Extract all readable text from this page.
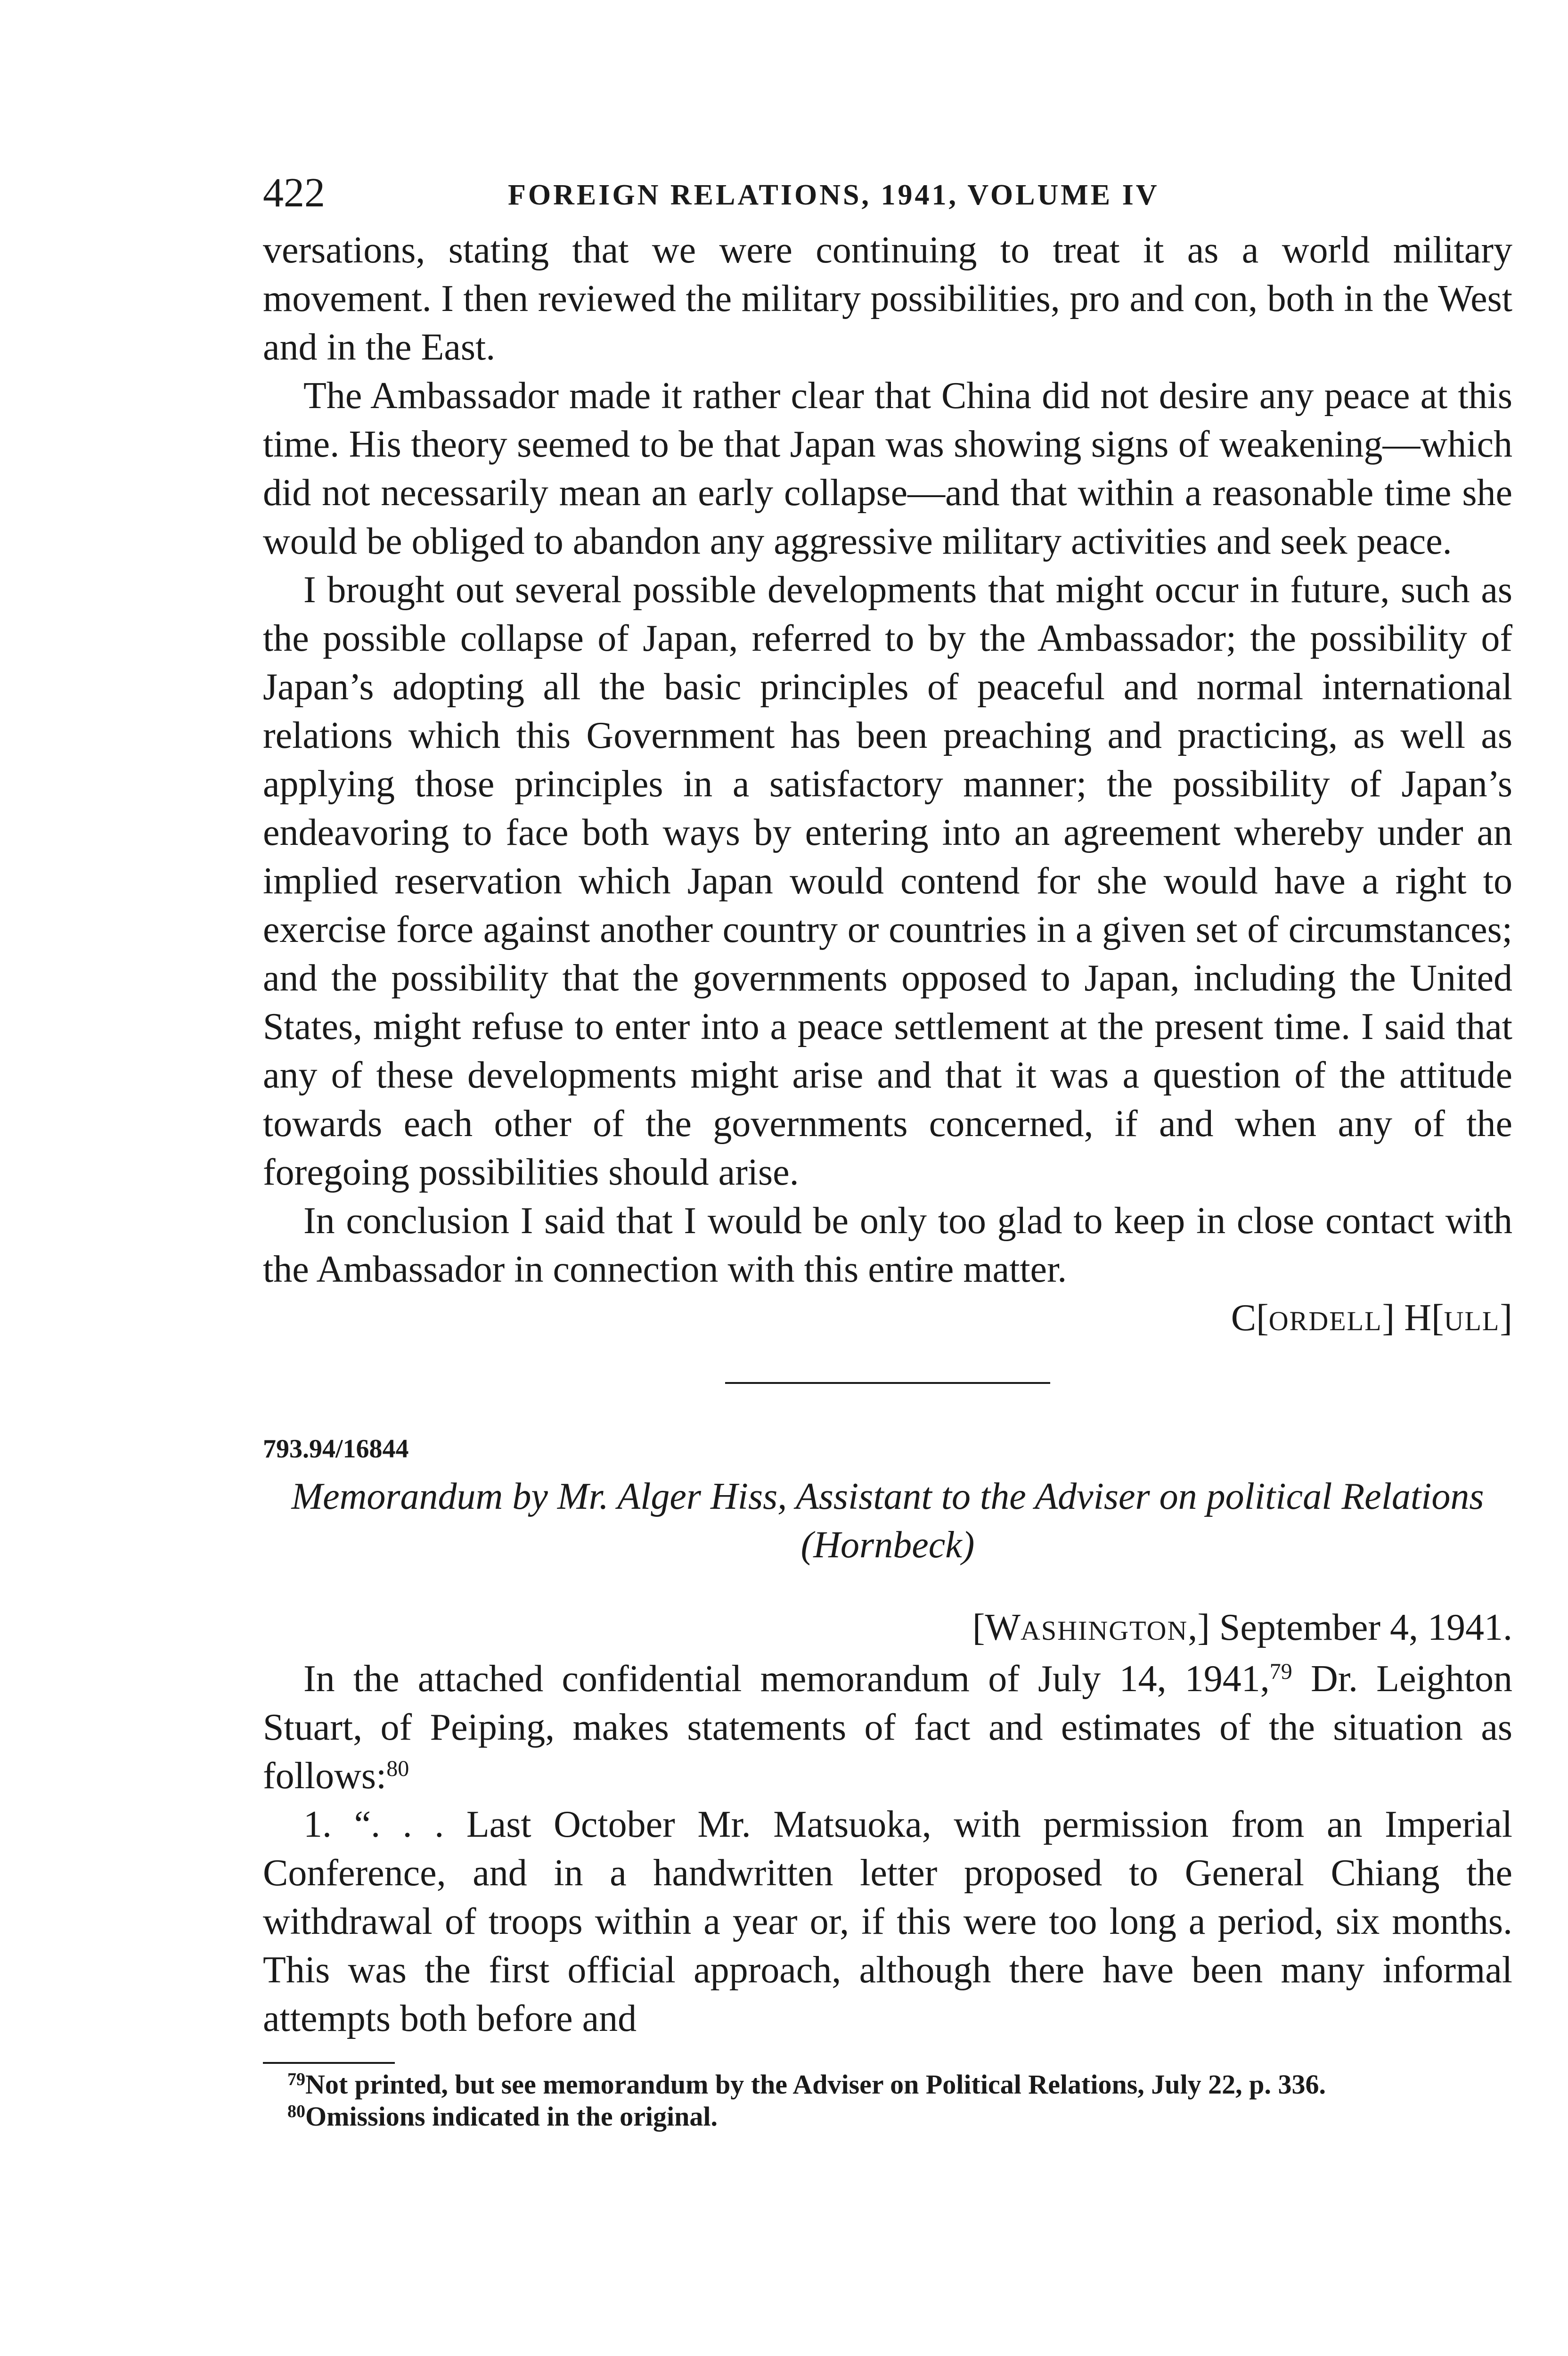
422	FOREIGN RELATIONS, 1941, VOLUME IV

versations, stating that we were continuing to treat it as a world military movement. I then reviewed the military possibilities, pro and con, both in the West and in the East.

The Ambassador made it rather clear that China did not desire any peace at this time. His theory seemed to be that Japan was showing signs of weakening—which did not necessarily mean an early collapse—and that within a reasonable time she would be obliged to abandon any aggressive military activities and seek peace.

I brought out several possible developments that might occur in future, such as the possible collapse of Japan, referred to by the Ambassador; the possibility of Japan’s adopting all the basic principles of peaceful and normal international relations which this Government has been preaching and practicing, as well as applying those principles in a satisfactory manner; the possibility of Japan’s endeavoring to face both ways by entering into an agreement whereby under an implied reservation which Japan would contend for she would have a right to exercise force against another country or countries in a given set of circumstances; and the possibility that the governments opposed to Japan, including the United States, might refuse to enter into a peace settlement at the present time. I said that any of these developments might arise and that it was a question of the attitude towards each other of the governments concerned, if and when any of the foregoing possibilities should arise.

In conclusion I said that I would be only too glad to keep in close contact with the Ambassador in connection with this entire matter.

C[ORDELL] H[ULL]
793.94/16844

Memorandum by Mr. Alger Hiss, Assistant to the Adviser on political Relations (Hornbeck)

[WASHINGTON,] September 4, 1941.

In the attached confidential memorandum of July 14, 1941,79 Dr. Leighton Stuart, of Peiping, makes statements of fact and estimates of the situation as follows:$^{80}$

1. “. . . Last October Mr. Matsuoka, with permission from an Imperial Conference, and in a handwritten letter proposed to General Chiang the withdrawal of troops within a year or, if this were too long a period, six months. This was the first official approach, although there have been many informal attempts both before and

$^{79}$Not printed, but see memorandum by the Adviser on Political Relations, July 22, p. 336.

$^{80}$Omissions indicated in the original.
